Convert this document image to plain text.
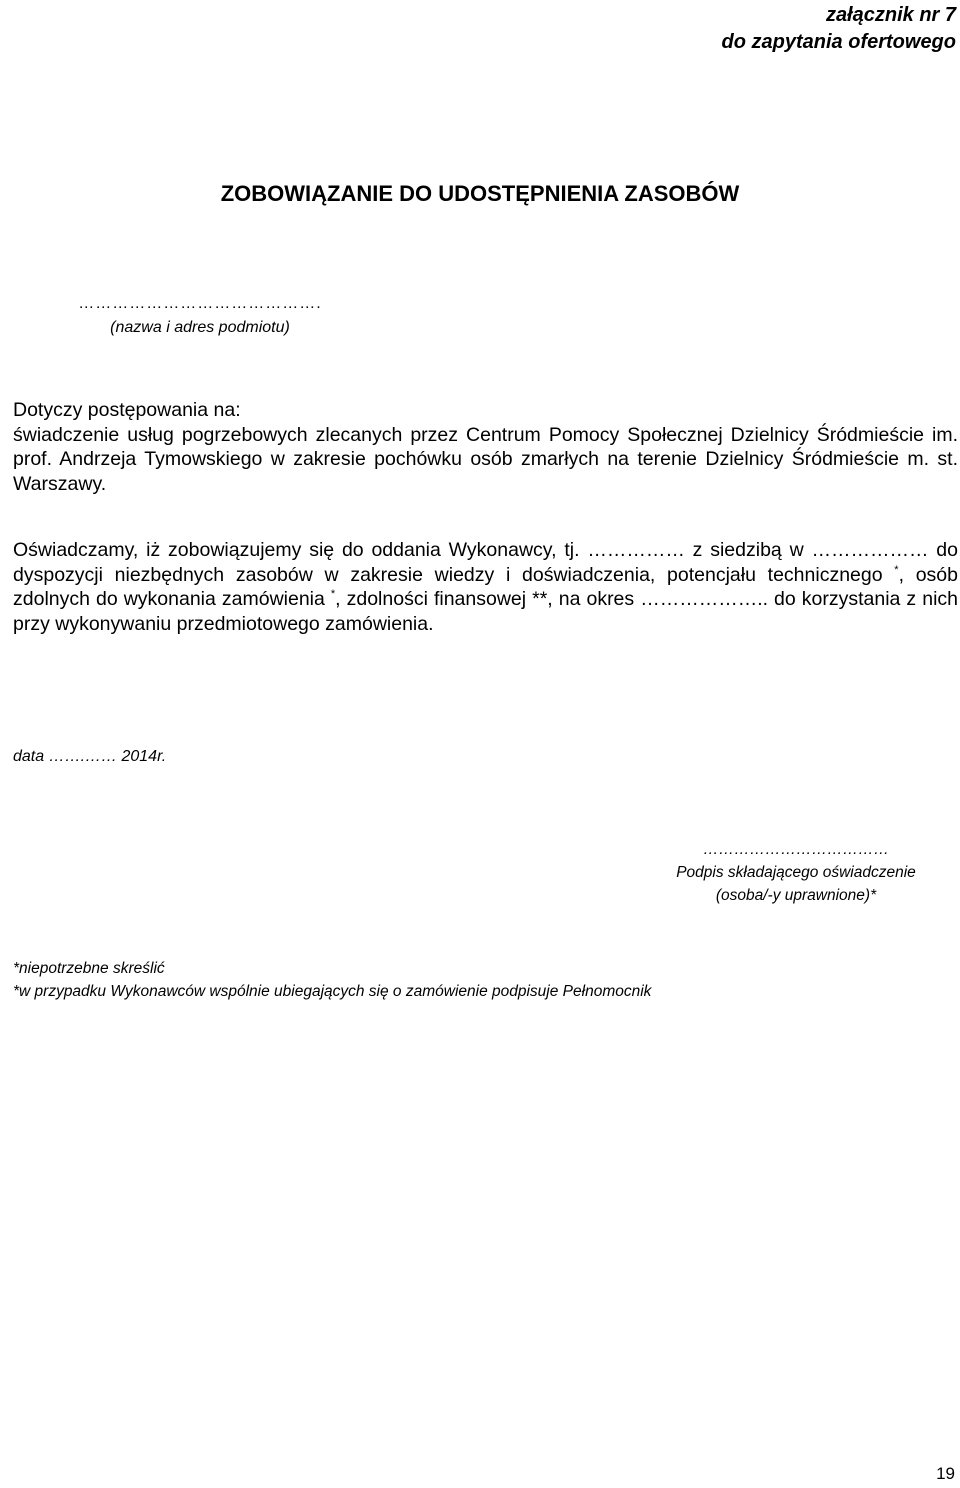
załącznik nr 7
do zapytania ofertowego
ZOBOWIĄZANIE DO UDOSTĘPNIENIA ZASOBÓW
…………………………………….
(nazwa i adres podmiotu)
Dotyczy postępowania na:
świadczenie usług pogrzebowych zlecanych przez Centrum Pomocy Społecznej Dzielnicy Śródmieście im. prof. Andrzeja Tymowskiego w zakresie pochówku osób zmarłych na terenie Dzielnicy Śródmieście m. st. Warszawy.
Oświadczamy, iż zobowiązujemy się do oddania Wykonawcy, tj. …………… z siedzibą w ……………… do dyspozycji niezbędnych zasobów w zakresie wiedzy i doświadczenia, potencjału technicznego *, osób zdolnych do wykonania zamówienia *, zdolności finansowej **, na okres ……………….. do korzystania z nich przy wykonywaniu przedmiotowego zamówienia.
data …….…… 2014r.
………………………………
Podpis składającego oświadczenie
(osoba/-y uprawnione)*
*niepotrzebne skreślić
*w przypadku Wykonawców wspólnie ubiegających się o zamówienie podpisuje Pełnomocnik
19
